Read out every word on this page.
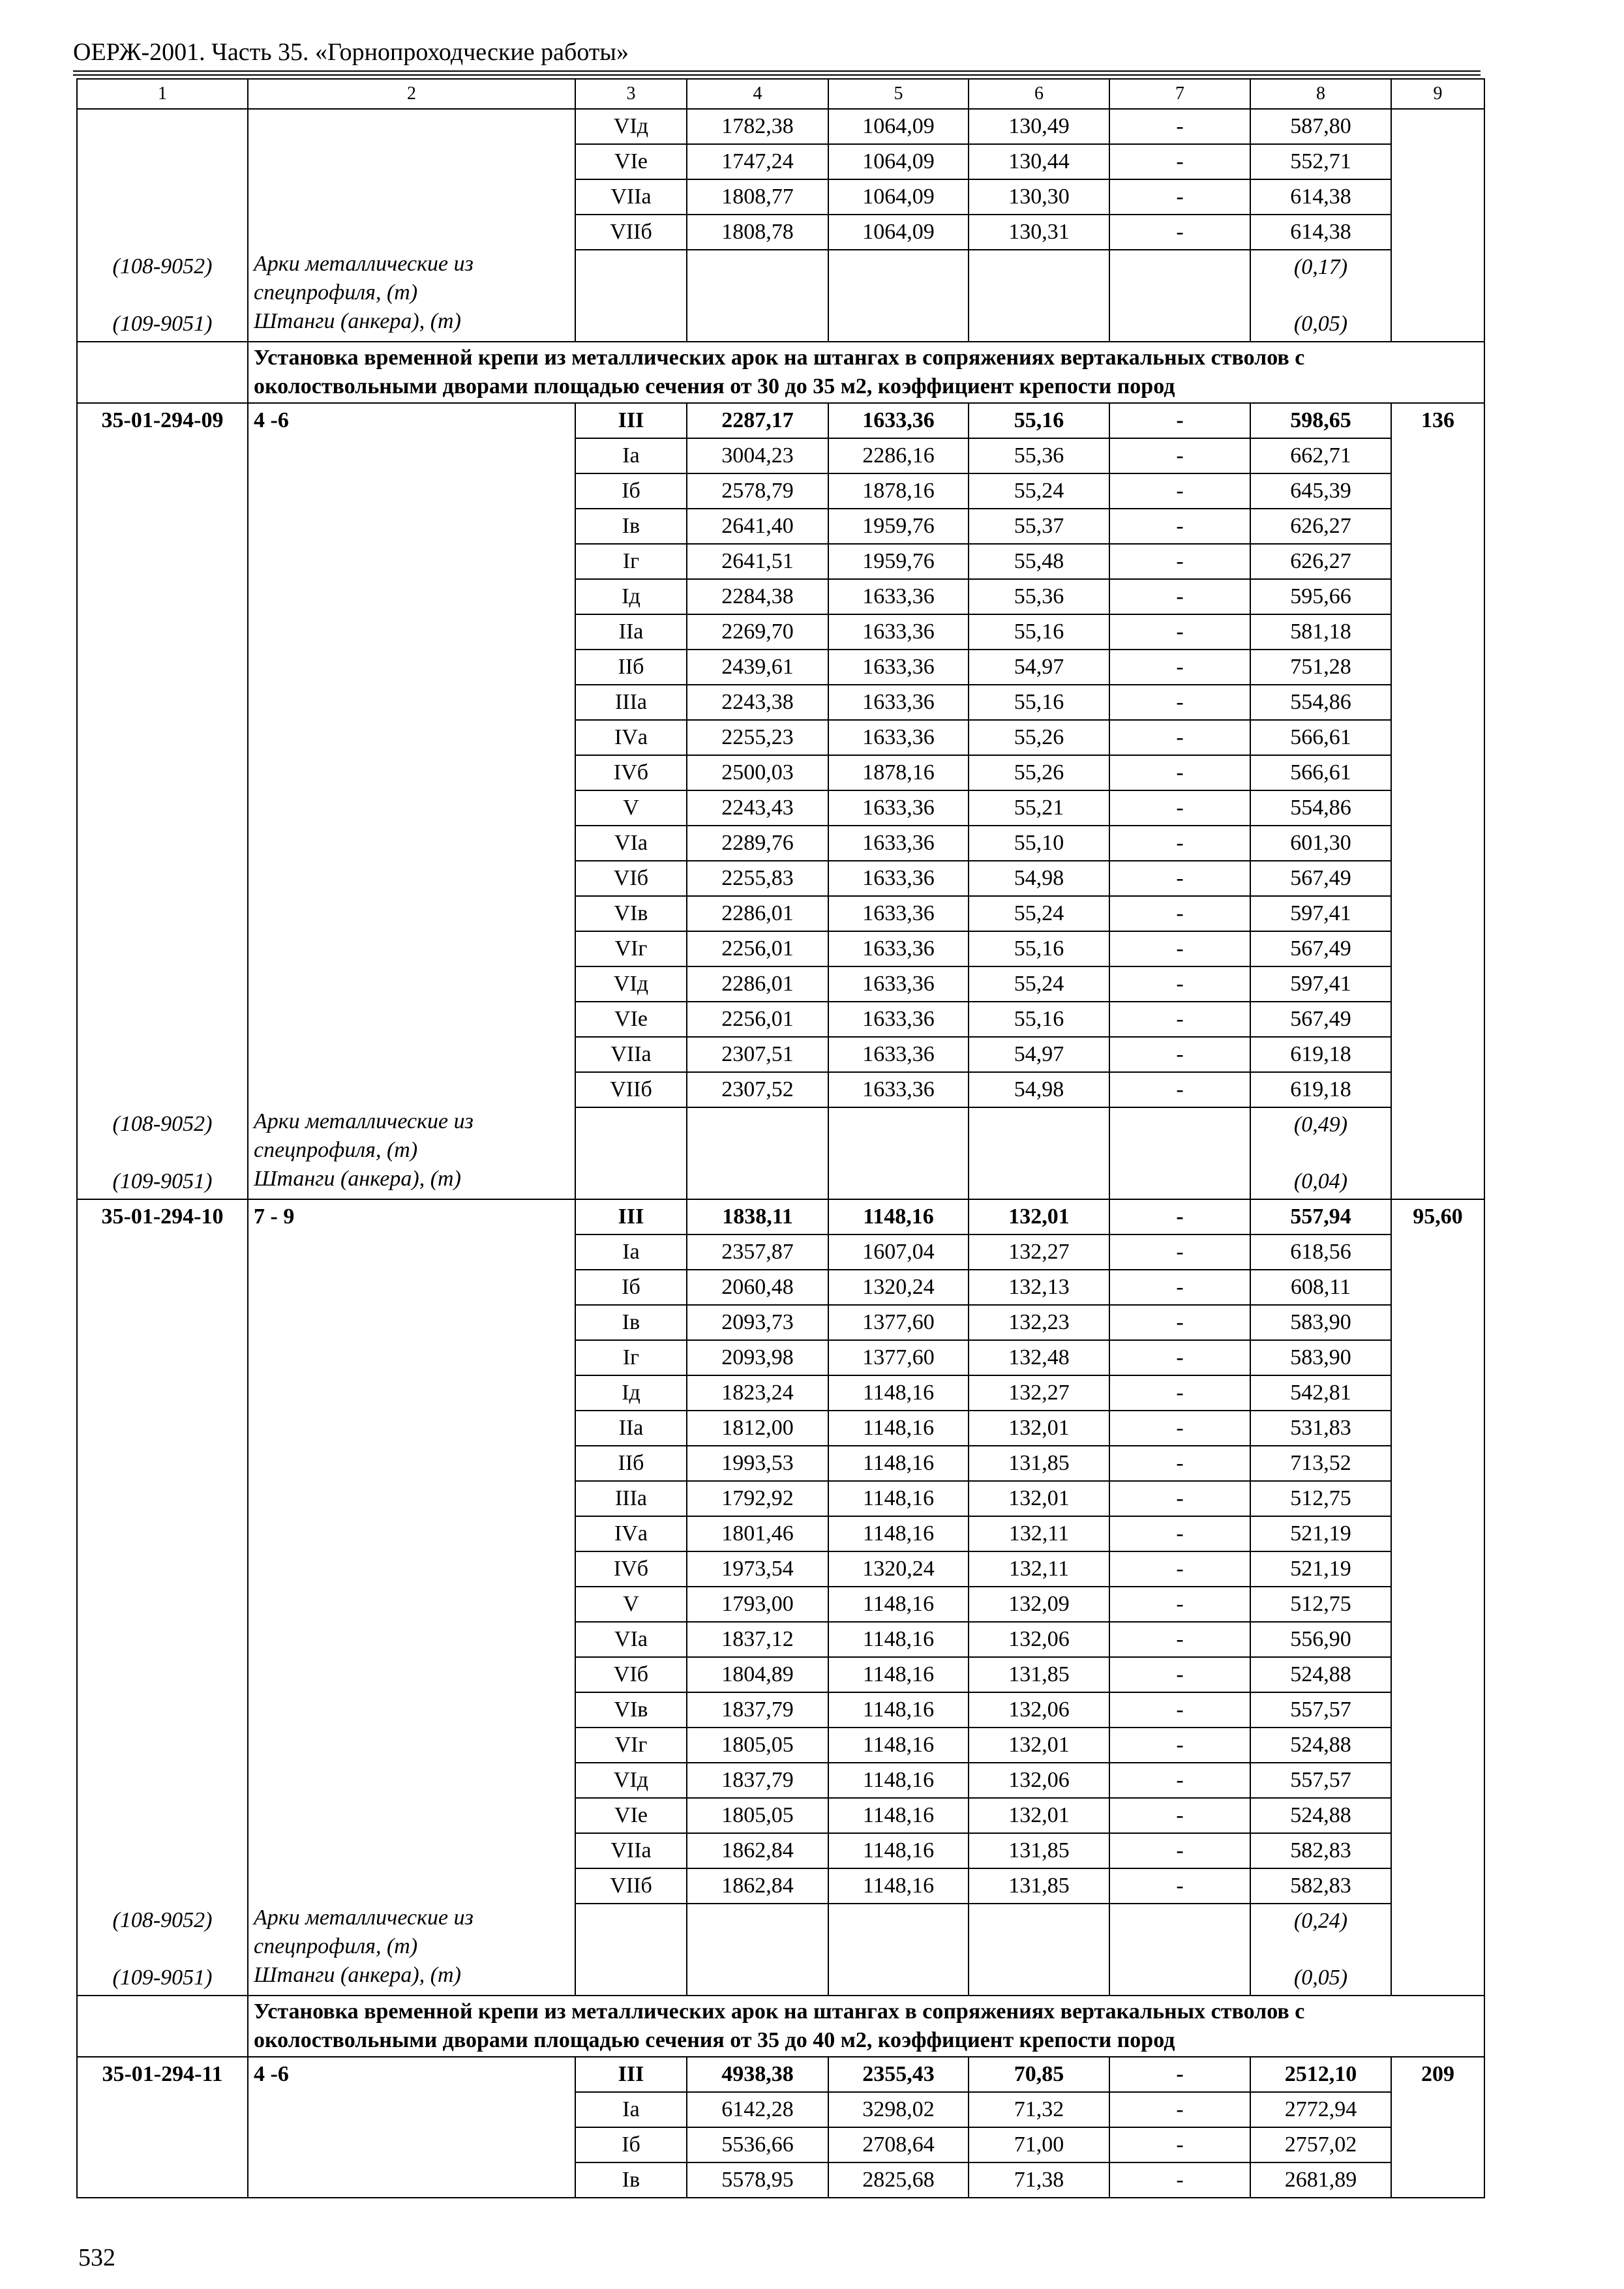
ОЕРЖ-2001. Часть 35. «Горнопроходческие работы»
1	2	3	4	5	6	7	8	9
		VIд	1782,38	1064,09	130,49	-	587,80	
		VIе	1747,24	1064,09	130,44	-	552,71	
		VIIа	1808,77	1064,09	130,30	-	614,38	
		VIIб	1808,78	1064,09	130,31	-	614,38	
(108-9052)	Арки металлические из спецпрофиля, (т)						(0,17)	
(109-9051)	Штанги (анкера), (т)						(0,05)	
	Установка временной крепи из металлических арок на штангах в сопряжениях вертакальных стволов с околоствольными дворами площадью сечения от 30 до 35 м2, коэффициент крепости пород							
35-01-294-09	4 -6	III	2287,17	1633,36	55,16	-	598,65	136
		Iа	3004,23	2286,16	55,36	-	662,71	
		Iб	2578,79	1878,16	55,24	-	645,39	
		Iв	2641,40	1959,76	55,37	-	626,27	
		Iг	2641,51	1959,76	55,48	-	626,27	
		Iд	2284,38	1633,36	55,36	-	595,66	
		IIа	2269,70	1633,36	55,16	-	581,18	
		IIб	2439,61	1633,36	54,97	-	751,28	
		IIIа	2243,38	1633,36	55,16	-	554,86	
		IVа	2255,23	1633,36	55,26	-	566,61	
		IVб	2500,03	1878,16	55,26	-	566,61	
		V	2243,43	1633,36	55,21	-	554,86	
		VIа	2289,76	1633,36	55,10	-	601,30	
		VIб	2255,83	1633,36	54,98	-	567,49	
		VIв	2286,01	1633,36	55,24	-	597,41	
		VIг	2256,01	1633,36	55,16	-	567,49	
		VIд	2286,01	1633,36	55,24	-	597,41	
		VIе	2256,01	1633,36	55,16	-	567,49	
		VIIа	2307,51	1633,36	54,97	-	619,18	
		VIIб	2307,52	1633,36	54,98	-	619,18	
(108-9052)	Арки металлические из спецпрофиля, (т)						(0,49)	
(109-9051)	Штанги (анкера), (т)						(0,04)	
35-01-294-10	7 - 9	III	1838,11	1148,16	132,01	-	557,94	95,60
		Iа	2357,87	1607,04	132,27	-	618,56	
		Iб	2060,48	1320,24	132,13	-	608,11	
		Iв	2093,73	1377,60	132,23	-	583,90	
		Iг	2093,98	1377,60	132,48	-	583,90	
		Iд	1823,24	1148,16	132,27	-	542,81	
		IIа	1812,00	1148,16	132,01	-	531,83	
		IIб	1993,53	1148,16	131,85	-	713,52	
		IIIа	1792,92	1148,16	132,01	-	512,75	
		IVа	1801,46	1148,16	132,11	-	521,19	
		IVб	1973,54	1320,24	132,11	-	521,19	
		V	1793,00	1148,16	132,09	-	512,75	
		VIа	1837,12	1148,16	132,06	-	556,90	
		VIб	1804,89	1148,16	131,85	-	524,88	
		VIв	1837,79	1148,16	132,06	-	557,57	
		VIг	1805,05	1148,16	132,01	-	524,88	
		VIд	1837,79	1148,16	132,06	-	557,57	
		VIе	1805,05	1148,16	132,01	-	524,88	
		VIIа	1862,84	1148,16	131,85	-	582,83	
		VIIб	1862,84	1148,16	131,85	-	582,83	
(108-9052)	Арки металлические из спецпрофиля, (т)						(0,24)	
(109-9051)	Штанги (анкера), (т)						(0,05)	
	Установка временной крепи из металлических арок на штангах в сопряжениях вертакальных стволов с околоствольными дворами площадью сечения от 35 до 40 м2, коэффициент крепости пород							
35-01-294-11	4 -6	III	4938,38	2355,43	70,85	-	2512,10	209
		Iа	6142,28	3298,02	71,32	-	2772,94	
		Iб	5536,66	2708,64	71,00	-	2757,02	
		Iв	5578,95	2825,68	71,38	-	2681,89	
532
